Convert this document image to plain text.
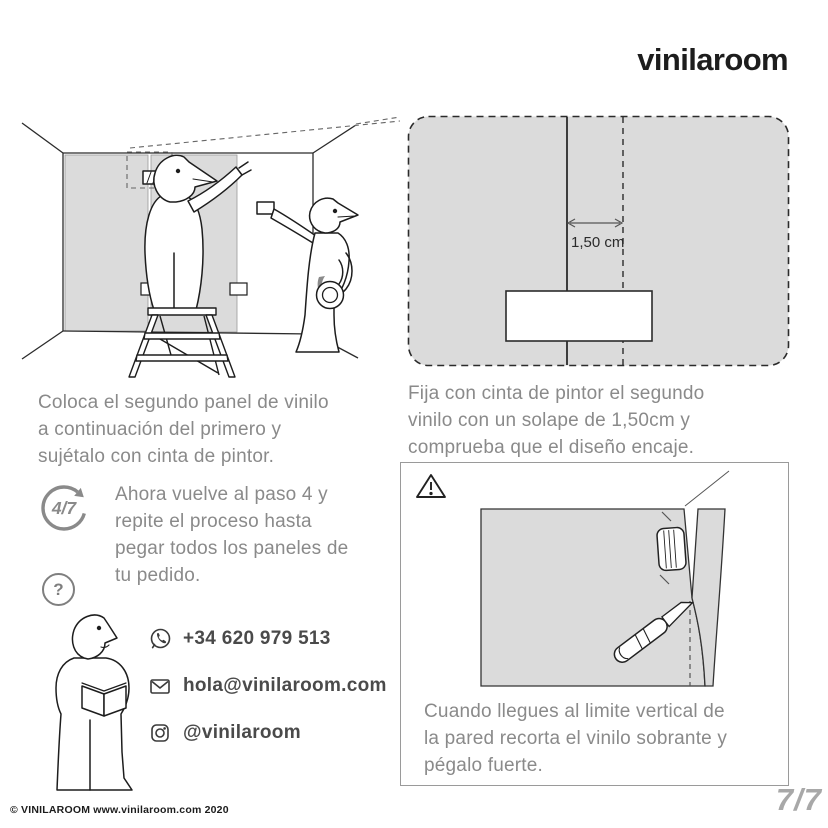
vinilaroom
1,50 cm
Coloca el segundo panel de vinilo
a continuación del primero y
sujétalo con cinta de pintor.
4/7
Ahora vuelve al paso 4 y
repite el proceso hasta
pegar todos los paneles de
tu pedido.
?
+34 620 979 513
hola@vinilaroom.com
@vinilaroom
Fija con cinta de pintor el segundo
vinilo con un solape de 1,50cm y
comprueba que el diseño encaje.
Cuando llegues al limite vertical de
la pared recorta el vinilo sobrante y
pégalo fuerte.
© VINILAROOM www.vinilaroom.com 2020	7/7
